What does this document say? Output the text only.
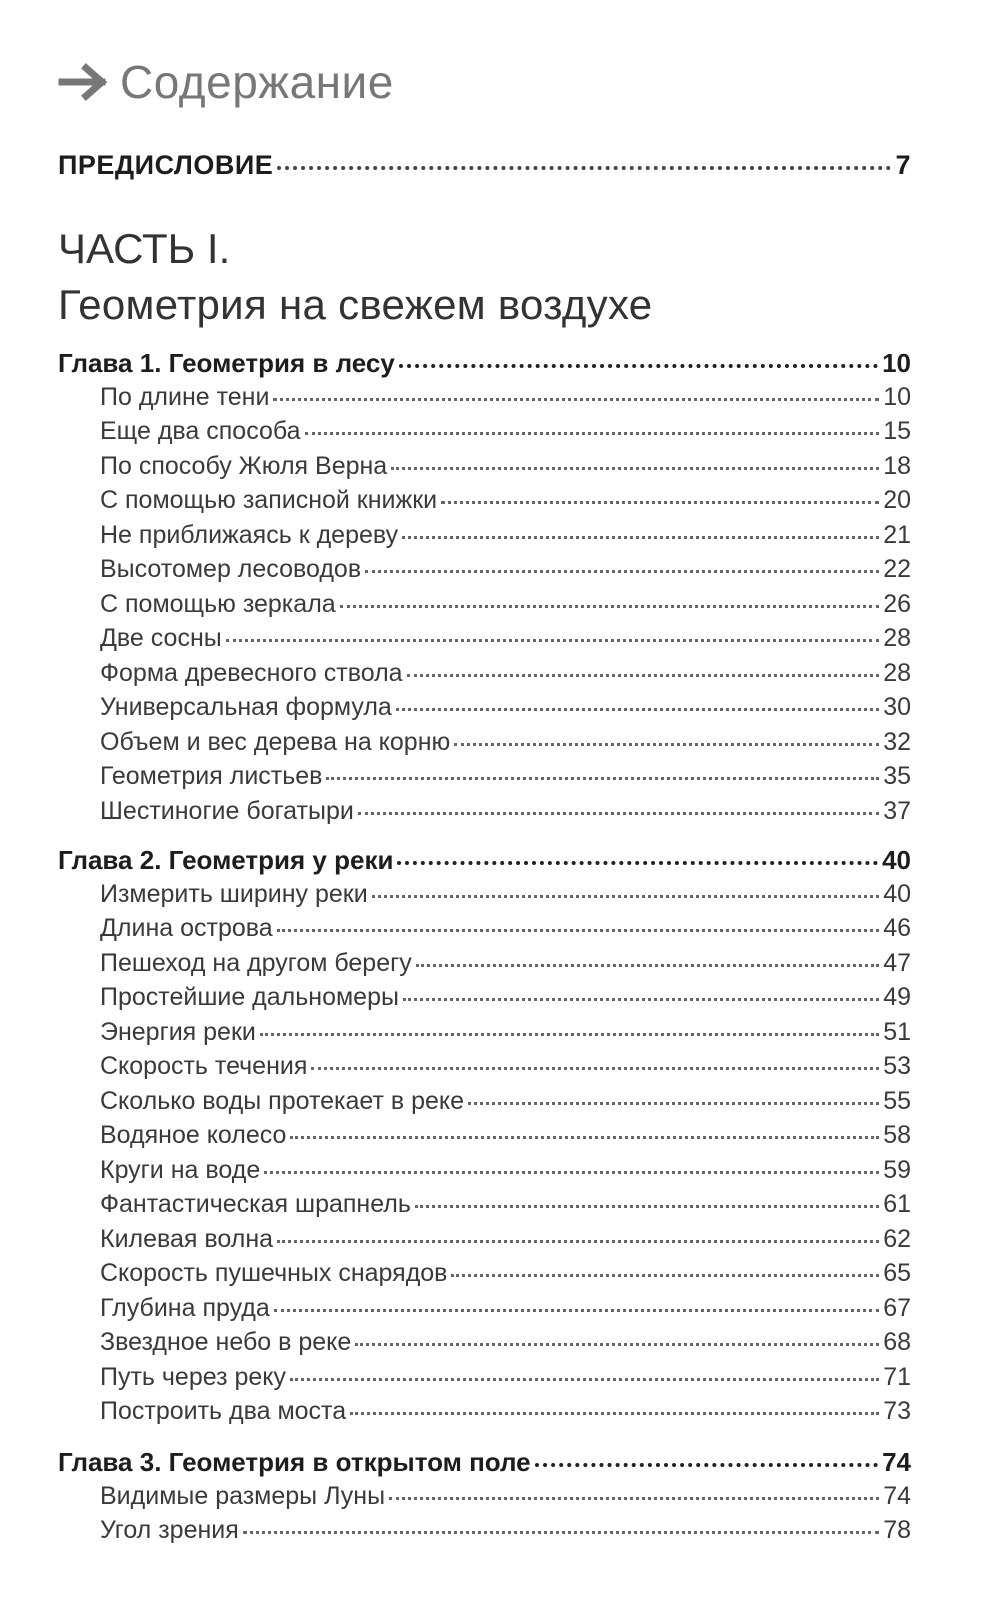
Содержание
ПРЕДИСЛОВИЕ	7
ЧАСТЬ I.
Геометрия на свежем воздухе
Глава 1. Геометрия в лесу	10
По длине тени	10
Еще два способа	15
По способу Жюля Верна	18
С помощью записной книжки	20
Не приближаясь к дереву	21
Высотомер лесоводов	22
С помощью зеркала	26
Две сосны	28
Форма древесного ствола	28
Универсальная формула	30
Объем и вес дерева на корню	32
Геометрия листьев	35
Шестиногие богатыри	37
Глава 2. Геометрия у реки	40
Измерить ширину реки	40
Длина острова	46
Пешеход на другом берегу	47
Простейшие дальномеры	49
Энергия реки	51
Скорость течения	53
Сколько воды протекает в реке	55
Водяное колесо	58
Круги на воде	59
Фантастическая шрапнель	61
Килевая волна	62
Скорость пушечных снарядов	65
Глубина пруда	67
Звездное небо в реке	68
Путь через реку	71
Построить два моста	73
Глава 3. Геометрия в открытом поле	74
Видимые размеры Луны	74
Угол зрения	78
